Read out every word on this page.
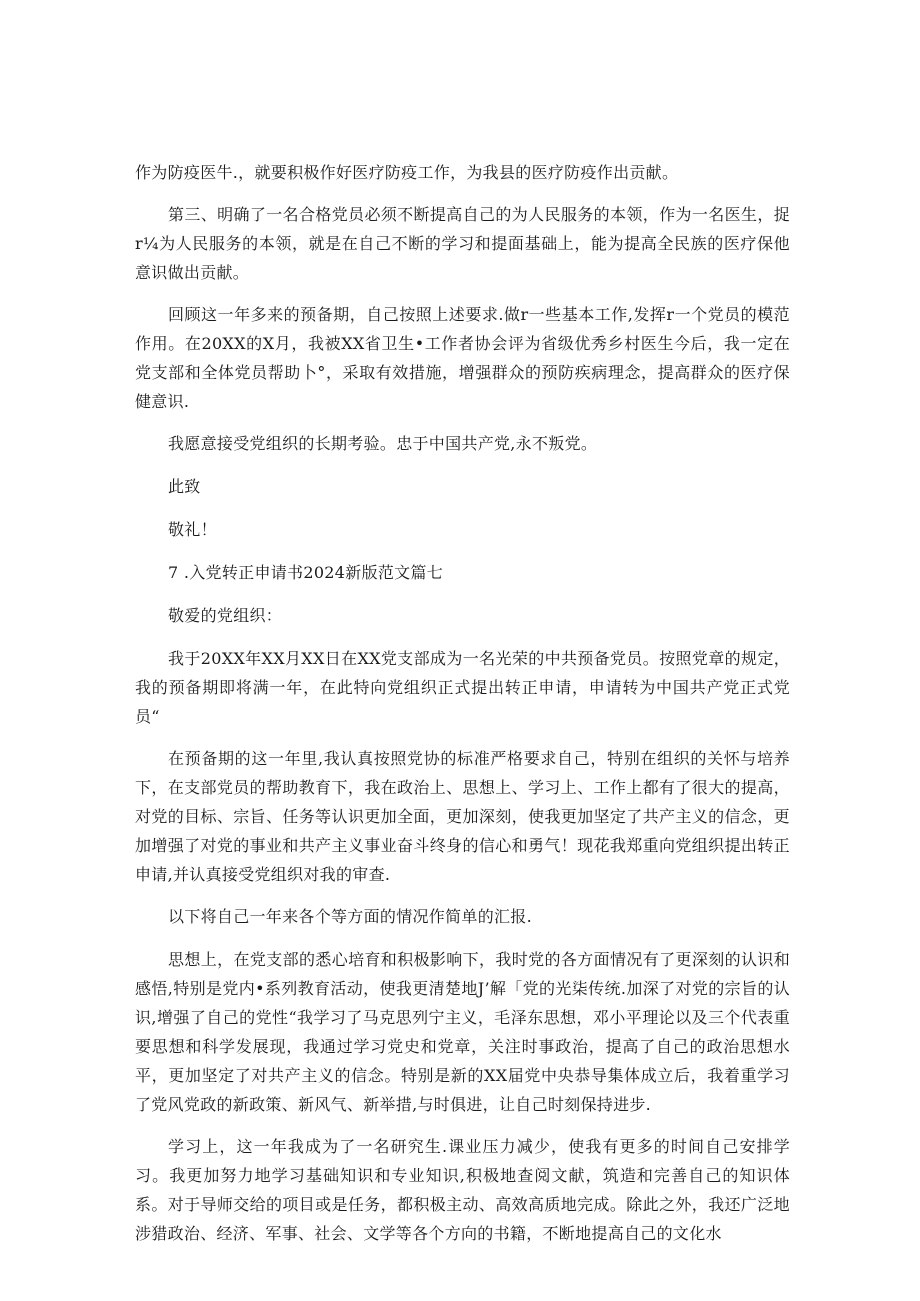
作为防疫医牛.，就要积极作好医疗防疫工作，为我县的医疗防疫作出贡献。

第三、明确了一名合格党员必须不断提高自己的为人民服务的本领，作为一名医生，捉r¼为人民服务的本领，就是在自己不断的学习和提面基础上，能为提高全民族的医疗保他意识做出贡献。

回顾这一年多来的预备期，自己按照上述要求.做r一些基本工作,发挥r一个党员的模范作用。在20XX的X月，我被XX省卫生•工作者协会评为省级优秀乡村医生今后，我一定在党支部和全体党员帮助卜°，采取有效措施，增强群众的预防疾病理念，提高群众的医疗保健意识.

我愿意接受党组织的长期考验。忠于中国共产党,永不叛党。

此致

敬礼！

7 .入党转正申请书2024新版范文篇七

敬爱的党组织：

我于20XX年XX月XX日在XX党支部成为一名光荣的中共预备党员。按照党章的规定，我的预备期即将满一年，在此特向党组织正式提出转正申请，申请转为中国共产党正式党员“

在预备期的这一年里,我认真按照党协的标准严格要求自己，特别在组织的关怀与培养下，在支部党员的帮助教育下，我在政治上、思想上、学习上、工作上都有了很大的提高，对党的目标、宗旨、任务等认识更加全面，更加深刻，使我更加坚定了共产主义的信念，更加增强了对党的事业和共产主义事业奋斗终身的信心和勇气！现花我郑重向党组织提出转正申请,并认真接受党组织对我的审查.

以下将自己一年来各个等方面的情况作简单的汇报.

思想上，在党支部的悉心培育和积极影响下，我时党的各方面情况有了更深刻的认识和感悟,特别是党内•系列教育活动，使我更清楚地J’解「党的光柒传统.加深了对党的宗旨的认识,增强了自己的党性“我学习了马克思列宁主义，毛泽东思想，邓小平理论以及三个代表重要思想和科学发展现，我通过学习党史和党章，关注时事政治，提高了自己的政治思想水平，更加坚定了对共产主义的信念。特别是新的XX届党中央恭导集体成立后，我着重学习了党风党政的新政策、新风气、新举措,与时俱进，让自己时刻保持进步.

学习上，这一年我成为了一名研究生.课业压力减少，使我有更多的时间自己安排学习。我更加努力地学习基础知识和专业知识,积极地查阅文献，筑造和完善自己的知识体系。对于导师交给的项目或是任务，都积极主动、高效高质地完成。除此之外，我还广泛地涉猎政治、经济、军事、社会、文学等各个方向的书籍，不断地提高自己的文化水
